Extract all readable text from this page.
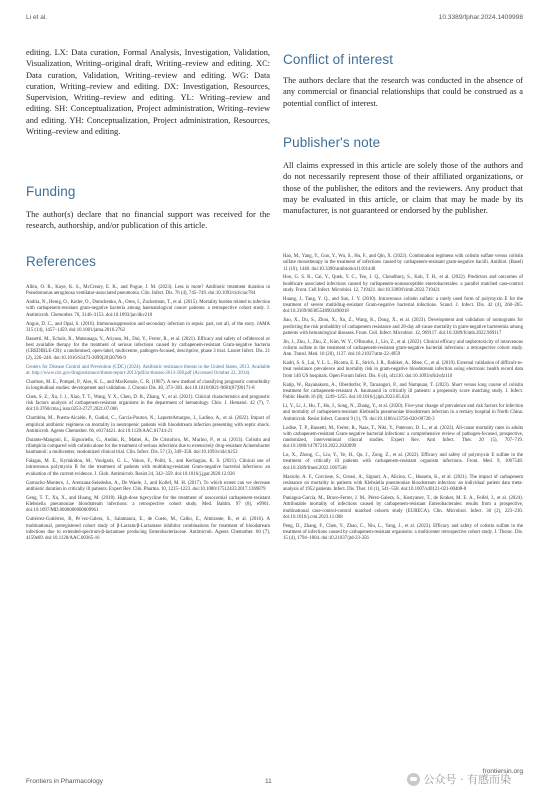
Li et al.	10.3389/fphar.2024.1409998

editing. LX: Data curation, Formal Analysis, Investigation, Validation, Visualization, Writing–original draft, Writing–review and editing. XC: Data curation, Validation, Writing–review and editing. WG: Data curation, Writing–review and editing. DX: Investigation, Resources, Supervision, Writing–review and editing. YL: Writing–review and editing. SH: Conceptualization, Project administration, Writing–review and editing. YH: Conceptualization, Project administration, Resources, Writing–review and editing.

Funding

The author(s) declare that no financial support was received for the research, authorship, and/or publication of this article.

References
Conflict of interest

The authors declare that the research was conducted in the absence of any commercial or financial relationships that could be construed as a potential conflict of interest.

Publisher's note

All claims expressed in this article are solely those of the authors and do not necessarily represent those of their affiliated organizations, or those of the publisher, the editors and the reviewers. Any product that may be evaluated in this article, or claim that may be made by its manufacturer, is not guaranteed or endorsed by the publisher.

Albin, O. R., Kaye, K. S., McCreary, E. K., and Pogue, J. M. (2023). Less is more? Antibiotic treatment duration in Pseudomonas aeruginosa ventilator-associated pneumonia. Clin. Infect. Dis. 76 (4), 745–749. doi:10.1093/cid/ciac784

Andria, N., Henig, O., Kotler, O., Domchenko, A., Oren, I., Zuckerman, T., et al. (2015). Mortality burden related to infection with carbapenem-resistant gram-negative bacteria among haematological cancer patients: a retrospective cohort study. J. Antimicrob. Chemother. 70, 3146–3153. doi:10.1093/jac/dkv218

Angus, D. C., and Opal, S. (2016). Immunosuppression and secondary infection in sepsis: part, not all, of the story. JAMA 315 (14), 1457–1459. doi:10.1001/jama.2016.2762

Bassetti, M., Echols, R., Matsunaga, Y., Ariyasu, M., Doi, Y., Ferrer, R., et al. (2021). Efficacy and safety of cefiderocol or best available therapy for the treatment of serious infections caused by carbapenem-resistant Gram-negative bacteria (CREDIBLE-CR): a randomised, open-label, multicentre, pathogen-focused, descriptive, phase 3 trial. Lancet Infect. Dis. 21 (2), 226–240. doi:10.1016/S1473-3099(20)30796-9

Centers for Disease Control and Prevention (CDC) (2024). Antibiotic resistance threats in the United States, 2013. Available at: http://www.cdc.gov/drugresistance/threat-report-2013/pdf/ar-threats-2013-508.pdf (Accessed October 22, 2014).

Charlson, M. E., Pompei, P., Ales, K. L., and MacKenzie, C. R. (1987). A new method of classifying prognostic comorbidity in longitudinal studies: development and validation. J. Chronic Dis. 40, 373–383. doi:10.1016/0021-9681(87)90171-8

Chen, S. Z., Xu, J. J., Xiao, T. T., Wang, Y. X., Chen, D. B., Zhang, Y., et al. (2021). Clinical characteristics and prognostic risk factors analysis of carbapenem-resistant organisms in the department of hematology. Chin. J. Hematol. 42 (7), 7. doi:10.3760/cma.j.issn.0253-2727.2021.07.006

Chumbita, M., Puerta-Alcalde, P., Gudiol, C., Garcia-Pouton, N., LaporteAmargos, J., Ladino, A., et al. (2022). Impact of empirical antibiotic regimens on mortality in neutropenic patients with bloodstream infection presenting with septic shock. Antimicrob. Agents Chemother. 66, e0174421. doi:10.1128/AAC.01744-21

Durante-Mangoni, E., Signoriello, G., Andini, R., Mattei, A., De Cristoforo, M., Murino, P., et al. (2013). Colistin and rifampicin compared with colistin alone for the treatment of serious infections due to extensively drug-resistant Acinetobacter baumannii: a multicenter, randomized clinical trial. Clin. Infect. Dis. 57 (3), 349–358. doi:10.1093/cid/cit253

Falagas, M. E., Kyriakidou, M., Voulgaris, G. L., Vokos, F., Politi, S., and Kechagias, K. S. (2021). Clinical use of intravenous polymyxin B for the treatment of patients with multidrug-resistant Gram-negative bacterial infections: an evaluation of the current evidence. J. Glob. Antimicrob. Resist 24, 342–359. doi:10.1016/j.jgar.2020.12.026

Garnacho-Montero, J., Arenzana-Seisdedos, A., De Waele, J., and Kollef, M. H. (2017). To which extent can we decrease antibiotic duration in critically ill patients. Expert Rev. Clin. Pharma. 10, 1215–1223. doi:10.1080/17512433.2017.1369879

Geng, T. T., Xu, X., and Huang, M. (2018). High-dose tigecycline for the treatment of nosocomial carbapenem-resistant Klebsiella pneumoniae bloodstream infections: a retrospective cohort study. Med. Baltim. 97 (8), e9961. doi:10.1097/MD.0000000000009961

Gutiérrez-Gutiérrez, B, Pe´rez-Galera, S., Salamanca, E., de Cueto, M., Calbo, E., Almirante, B., et al. (2016). A multinational, preregistered cohort study of β-Lactam/β-Lactamase inhibitor combinations for treatment of bloodstream infections due to extended-spectrum-β-lactamase producing Enterobacteriaceae. Antimicrob. Agents Chemother. 60 (7), 4159e69. doi:10.1128/AAC.00365-16

Hao, M., Yang, Y., Guo, Y., Wu, S., Hu, F., and Qin, X. (2022). Combination regimens with colistin sulfate versus colistin sulfate monotherapy in the treatment of infections caused by carbapenem-resistant gram-negative bacilli. Antibiot. (Basel) 11 (10), 1440. doi:10.3390/antibiotics11101440

Hoo, G. S. R., Cai, Y., Quek, Y. C., Teo, J. Q., Choudhury, S., Koh, T. H., et al. (2022). Predictors and outcomes of healthcare associated infections caused by carbapenem-nonsusceptible enterobacterales: a parallel matched case-control study. Front. Cell Infect. Microbiol. 12, 719421. doi:10.3389/fcimb.2022.719421

Huang, J., Tang, Y. Q., and Sun, J. Y. (2010). Intravenous colistin sulfate: a rarely used form of polymyxin E for the treatment of severe multidrug-resistant Gram-negative bacterial infections. Scand. J. Infect. Dis. 42 (4), 260–265. doi:10.3109/00365540903490018

Jiao, X., Du, S., Zhou, X., Xu, Z., Wang, K., Dong, X., et al. (2023). Development and validation of nomograms for predicting the risk probability of carbapenem resistance and 28-day all-cause mortality in gram-negative bacteremia among patients with hematological diseases. Front. Cell. Infect. Microbiol. 12, 969117. doi:10.3389/fcimb.2022.969117

Jin, J., Zhu, J., Zhu, Z., Kim, W. Y., O'Rourke, J., Lin, Z., et al. (2022). Clinical efficacy and nephrotoxicity of intravenous colistin sulfate in the treatment of carbapenem-resistant gram-negative bacterial infections: a retrospective cohort study. Ann. Transl. Med. 10 (20), 1137. doi:10.21037/atm-22-4959

Kadri, S. S., Lai, Y. L. L., Ricotta, E. E., Strich, J. R., Babiker, A., Rhee, C., et al. (2019). External validation of difficult-to-treat resistance prevalence and mortality risk in gram-negative bloodstream infection using electronic health record data from 140 US hospitals. Open Forum Infect. Dis. 6 (4), ofz110. doi:10.1093/ofid/ofz110

Katip, W., Rayanakorn, A., Oberdorfer, P., Taruangsri, P., and Nampuan, T. (2023). Short versus long course of colistin treatment for carbapenem-resistant A. baumannii in critically ill patients: a propensity score matching study. J. Infect. Public Health 16 (8), 1249–1255. doi:10.1016/j.jiph.2023.05.024

Li, Y., Li, J., Hu, T., Hu, J., Song, N., Zhang, Y., et al. (2020). Five-year change of prevalence and risk factors for infection and mortality of carbapenem-resistant Klebsiella pneumoniae bloodstream infection in a tertiary hospital in North China. Antimicrob. Resist Infect. Control 9 (1), 79. doi:10.1186/s13756-020-00728-3

Lodise, T. P., Bassetti, M., Ferrer, R., Naas, T., Niki, Y., Paterson, D. L., et al. (2022). All-cause mortality rates in adults with carbapenem-resistant Gram-negative bacterial infections: a comprehensive review of pathogen-focused, prospective, randomized, interventional clinical studies. Expert Rev. Anti Infect. Ther. 20 (5), 707–719. doi:10.1080/14787210.2022.2020099

Lu, X., Zhong, C., Liu, Y., Ye, H., Qu, J., Zong, Z., et al. (2022). Efficacy and safety of polymyxin E sulfate in the treatment of critically ill patients with carbapenem-resistant organism infections. Front. Med. 9, 1067548. doi:10.3389/fmed.2022.1067548

Marzolo, A. F., Corcione, S., Grossi, A., Signori, A., Alicino, C., Hussein, K., et al. (2021). The impact of carbapenem resistance on mortality in patients with Klebsiella pneumoniae bloodstream infection: an individual patient data meta-analysis of 1952 patients. Infect. Dis. Ther. 10 (1), 541–558. doi:10.1007/s40121-021-00408-8

Paniagua-García, M., Bravo-Ferrer, J. M., Pérez-Galera, S., Kostyanev, T., de Kraker, M. E. A., Feifel, J., et al. (2024). Attributable mortality of infections caused by carbapenem-resistant Enterobacterales: results from a prospective, multinational case-control-control matched cohorts study (EURECA). Clin. Microbiol. Infect. 30 (2), 223–230. doi:10.1016/j.cmi.2023.11.008

Peng, D., Zhang, F., Chen, Y., Zhao, C., Niu, L., Yang, J., et al. (2023). Efficacy and safety of colistin sulfate in the treatment of infections caused by carbapenem-resistant organisms: a multicenter retrospective cohort study. J. Thorac. Dis. 15 (4), 1794–1804. doi:10.21037/jtd-23-356

Frontiers in Pharmacology	11
frontiersin.org
公众号 · 有感而染
